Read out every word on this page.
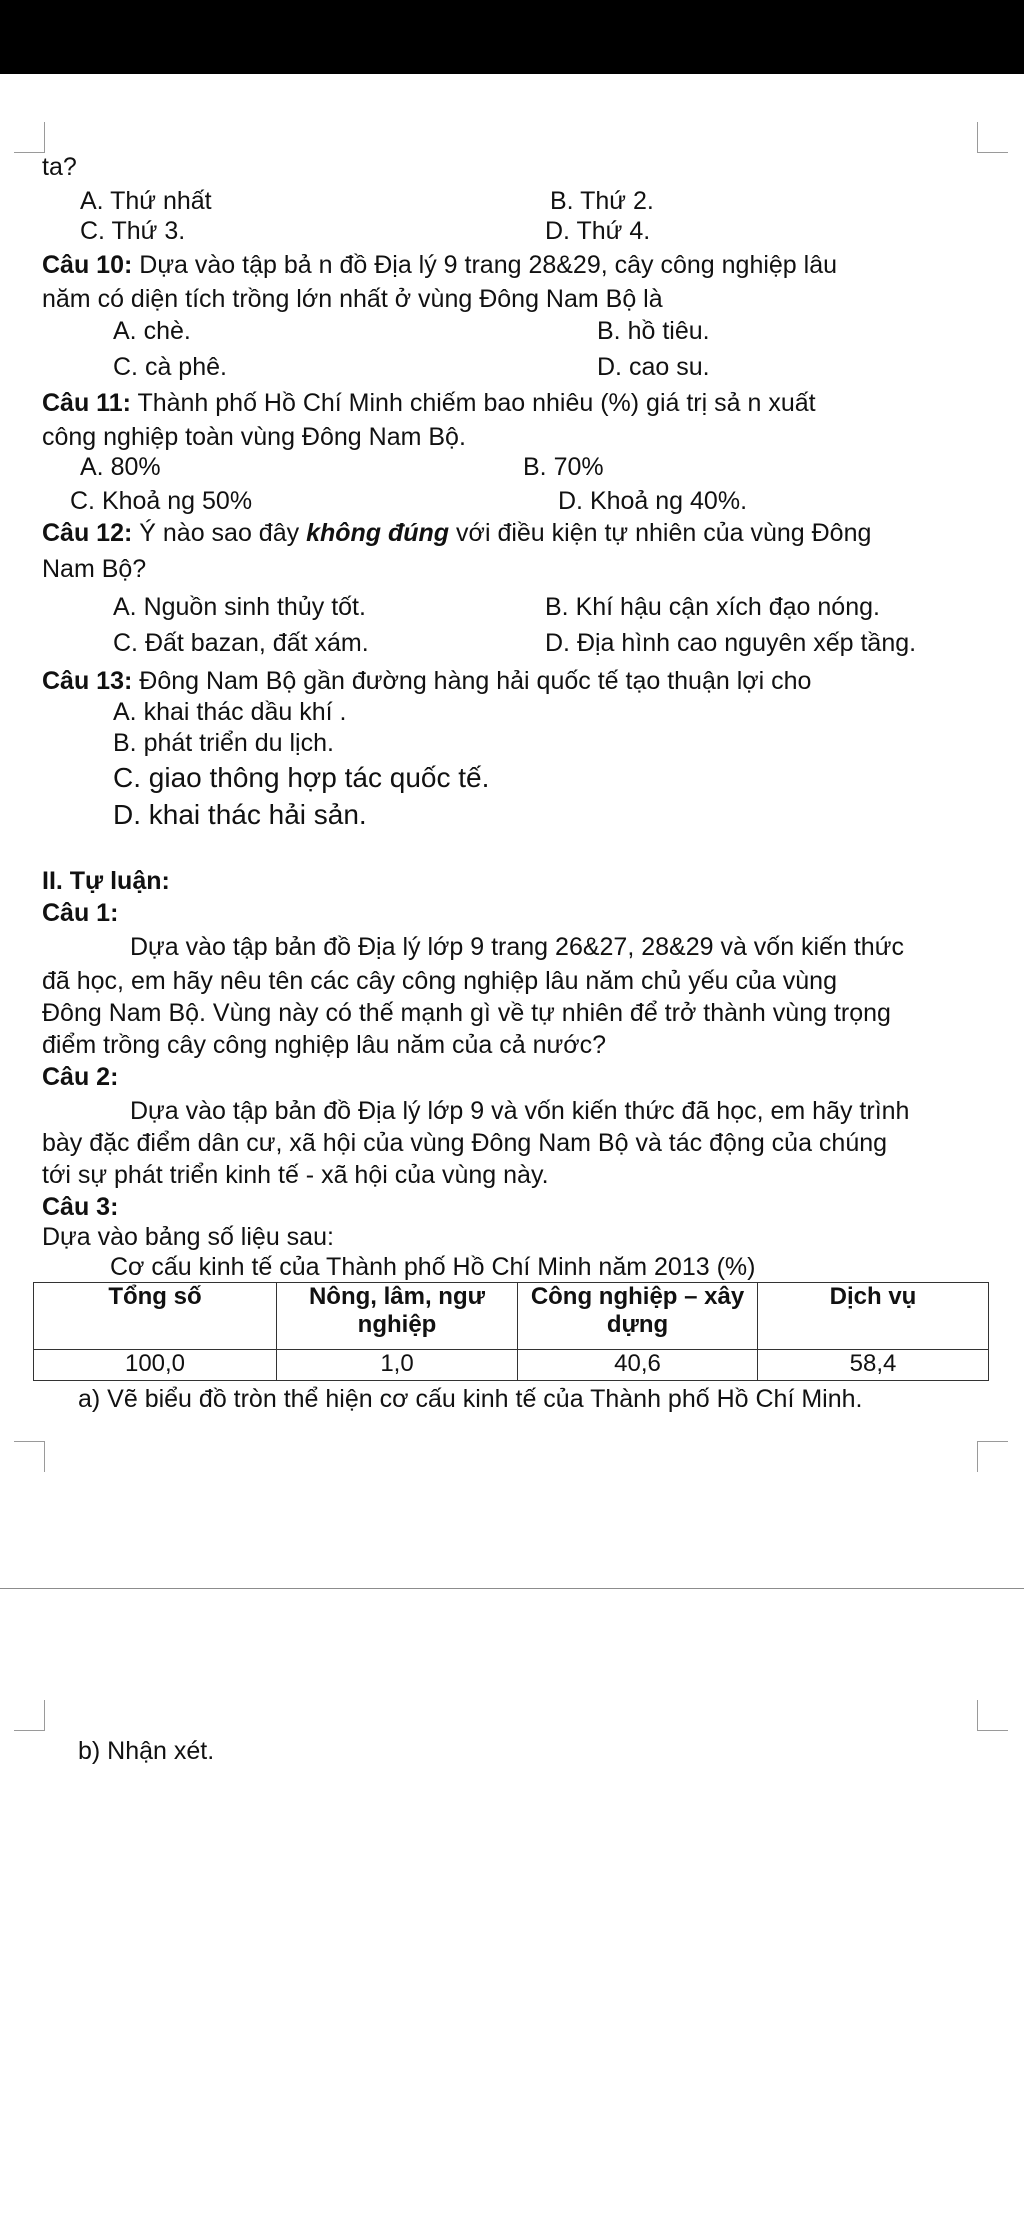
ta?
A. Thứ nhất	B. Thứ 2.
C. Thứ 3.	D. Thứ 4.
Câu 10: Dựa vào tập bả n đồ Địa lý 9 trang 28&29, cây công nghiệp lâu
năm có diện tích trồng lớn nhất ở vùng Đông Nam Bộ là
A. chè.	B. hồ tiêu.
C. cà phê.	D. cao su.
Câu 11: Thành phố Hồ Chí Minh chiếm bao nhiêu (%) giá trị sả n xuất
công nghiệp toàn vùng Đông Nam Bộ.
A. 80%	B. 70%
C. Khoả ng 50%	D. Khoả ng 40%.
Câu 12: Ý nào sao đây không đúng với điều kiện tự nhiên của vùng Đông
Nam Bộ?
A. Nguồn sinh thủy tốt.	B. Khí hậu cận xích đạo nóng.
C. Đất bazan, đất xám.	D. Địa hình cao nguyên xếp tầng.
Câu 13: Đông Nam Bộ gần đường hàng hải quốc tế tạo thuận lợi cho
A. khai thác dầu khí .
B. phát triển du lịch.
C. giao thông hợp tác quốc tế.
D. khai thác hải sản.
II. Tự luận:
Câu 1:
Dựa vào tập bản đồ Địa lý lớp 9 trang 26&27, 28&29 và vốn kiến thức
đã học, em hãy nêu tên các cây công nghiệp lâu năm chủ yếu của vùng
Đông Nam Bộ. Vùng này có thế mạnh gì về tự nhiên để trở thành vùng trọng
điểm trồng cây công nghiệp lâu năm của cả nước?
Câu 2:
Dựa vào tập bản đồ Địa lý lớp 9 và vốn kiến thức đã học, em hãy trình
bày đặc điểm dân cư, xã hội của vùng Đông Nam Bộ và tác động của chúng
tới sự phát triển kinh tế - xã hội của vùng này.
Câu 3:
Dựa vào bảng số liệu sau:
Cơ cấu kinh tế của Thành phố Hồ Chí Minh năm 2013 (%)
Tổng số	Nông, lâm, ngư nghiệp	Công nghiệp – xây dựng	Dịch vụ
100,0	1,0	40,6	58,4
a) Vẽ biểu đồ tròn thể hiện cơ cấu kinh tế của Thành phố Hồ Chí Minh.
b) Nhận xét.
